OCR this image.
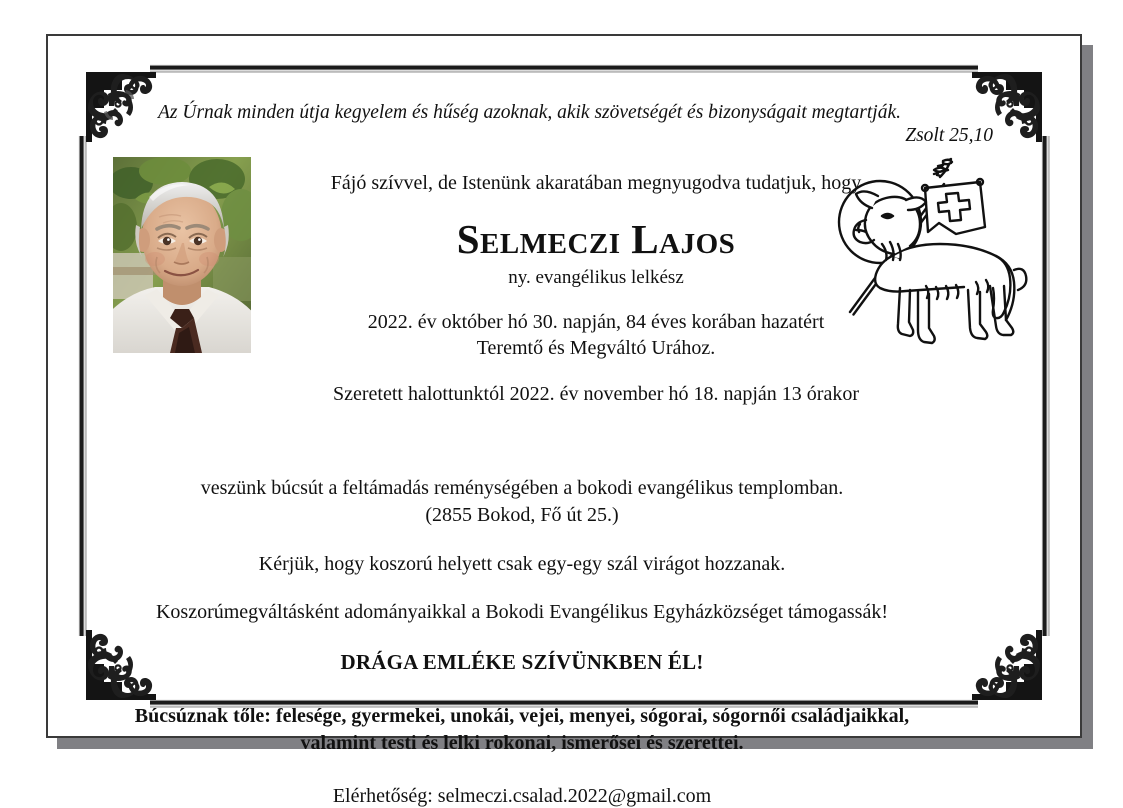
Az Úrnak minden útja kegyelem és hűség azoknak, akik szövetségét és bizonyságait megtartják.
Zsolt 25,10
Fájó szívvel, de Istenünk akaratában megnyugodva tudatjuk, hogy
Selmeczi Lajos
ny. evangélikus lelkész
2022. év október hó 30. napján, 84 éves korában hazatért
Teremtő és Megváltó Urához.
Szeretett halottunktól 2022. év november hó 18. napján 13 órakor
veszünk búcsút a feltámadás reménységében a bokodi evangélikus templomban.
(2855 Bokod, Fő út 25.)
Kérjük, hogy koszorú helyett csak egy-egy szál virágot hozzanak.
Koszorúmegváltásként adományaikkal a Bokodi Evangélikus Egyházközséget támogassák!
DRÁGA EMLÉKE SZÍVÜNKBEN ÉL!
Búcsúznak tőle: felesége, gyermekei, unokái, vejei, menyei, sógorai, sógornői családjaikkal,
valamint testi és lelki rokonai, ismerősei és szerettei.
Elérhetőség: selmeczi.csalad.2022@gmail.com
